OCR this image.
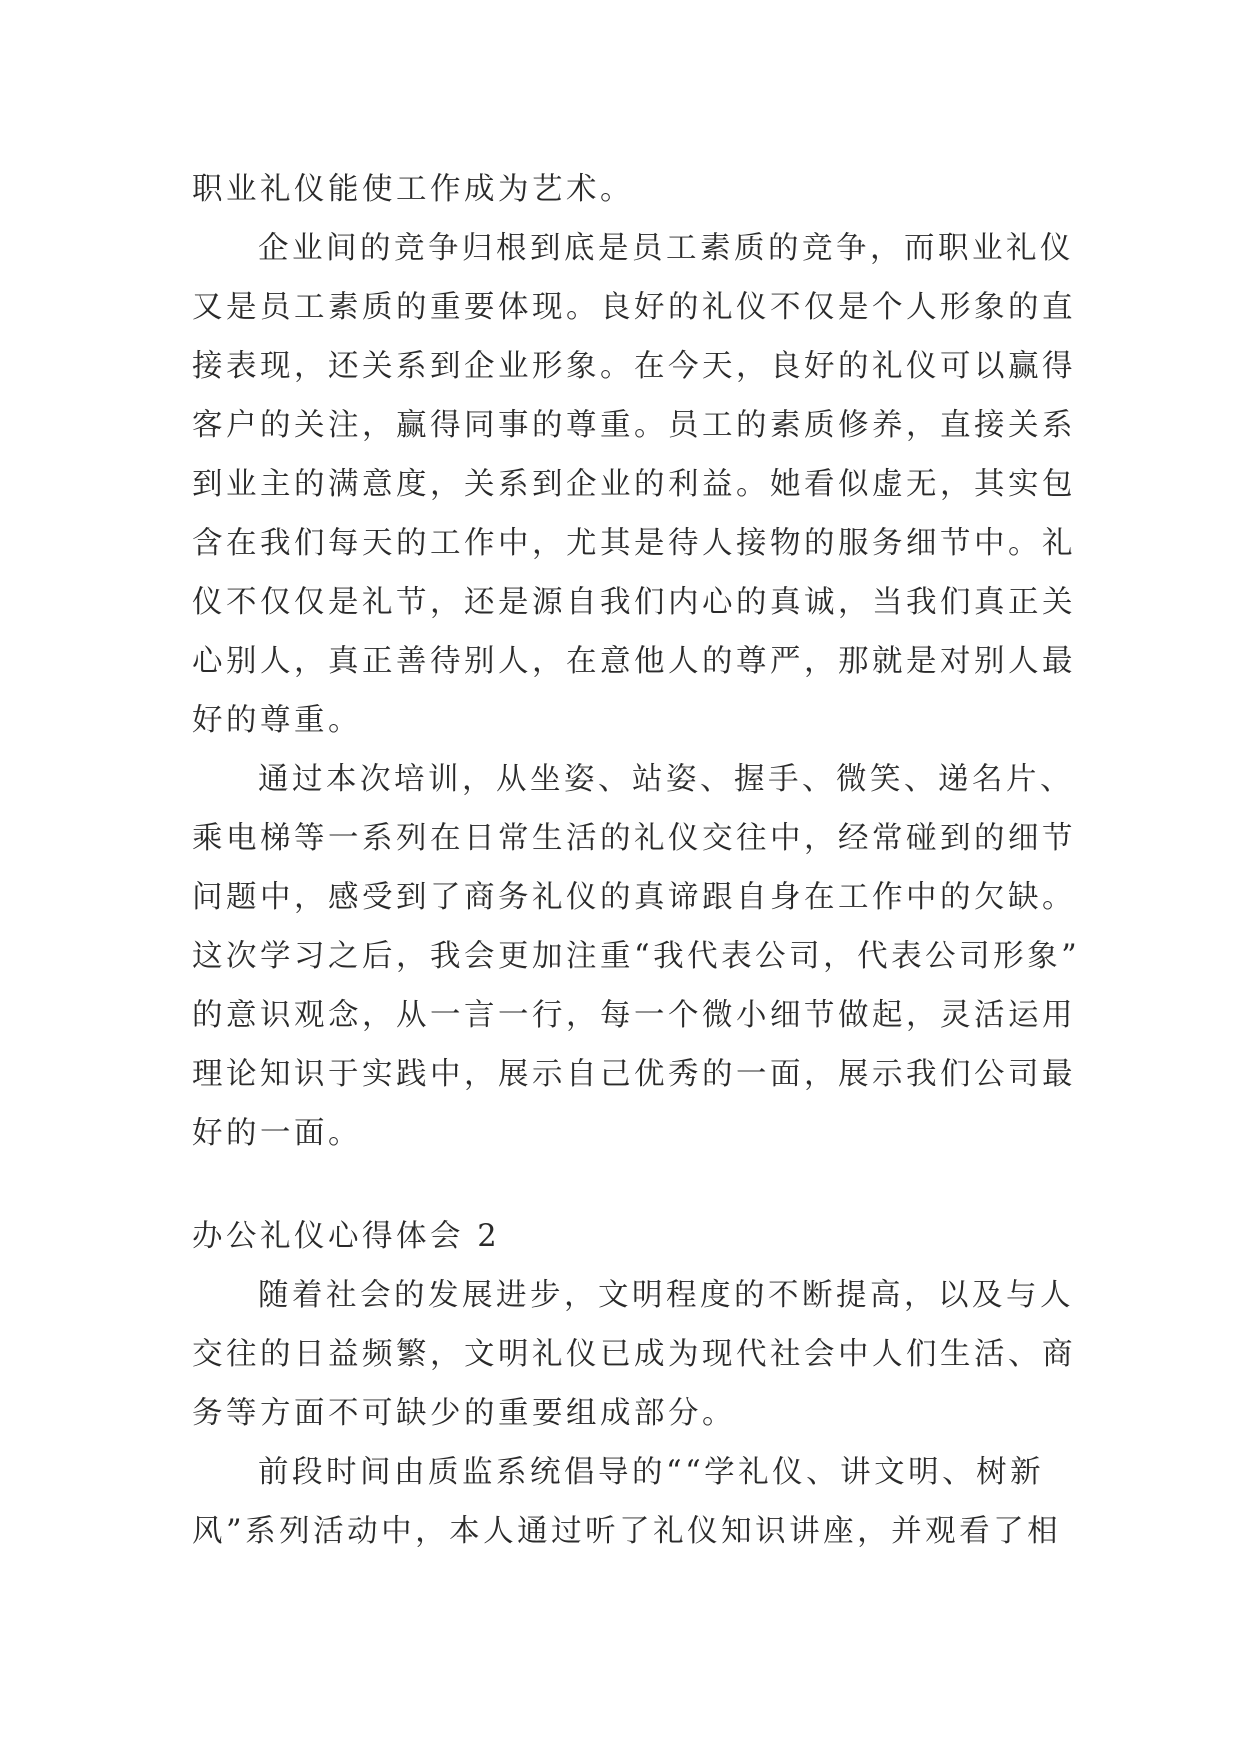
职业礼仪能使工作成为艺术。
企业间的竞争归根到底是员工素质的竞争，而职业礼仪
又是员工素质的重要体现。良好的礼仪不仅是个人形象的直
接表现，还关系到企业形象。在今天，良好的礼仪可以赢得
客户的关注，赢得同事的尊重。员工的素质修养，直接关系
到业主的满意度，关系到企业的利益。她看似虚无，其实包
含在我们每天的工作中，尤其是待人接物的服务细节中。礼
仪不仅仅是礼节，还是源自我们内心的真诚，当我们真正关
心别人，真正善待别人，在意他人的尊严，那就是对别人最
好的尊重。
通过本次培训，从坐姿、站姿、握手、微笑、递名片、
乘电梯等一系列在日常生活的礼仪交往中，经常碰到的细节
问题中，感受到了商务礼仪的真谛跟自身在工作中的欠缺。
这次学习之后，我会更加注重“我代表公司，代表公司形象”
的意识观念，从一言一行，每一个微小细节做起，灵活运用
理论知识于实践中，展示自己优秀的一面，展示我们公司最
好的一面。
办公礼仪心得体会 2
随着社会的发展进步，文明程度的不断提高，以及与人
交往的日益频繁，文明礼仪已成为现代社会中人们生活、商
务等方面不可缺少的重要组成部分。
前段时间由质监系统倡导的““学礼仪、讲文明、树新
风”系列活动中，本人通过听了礼仪知识讲座，并观看了相
